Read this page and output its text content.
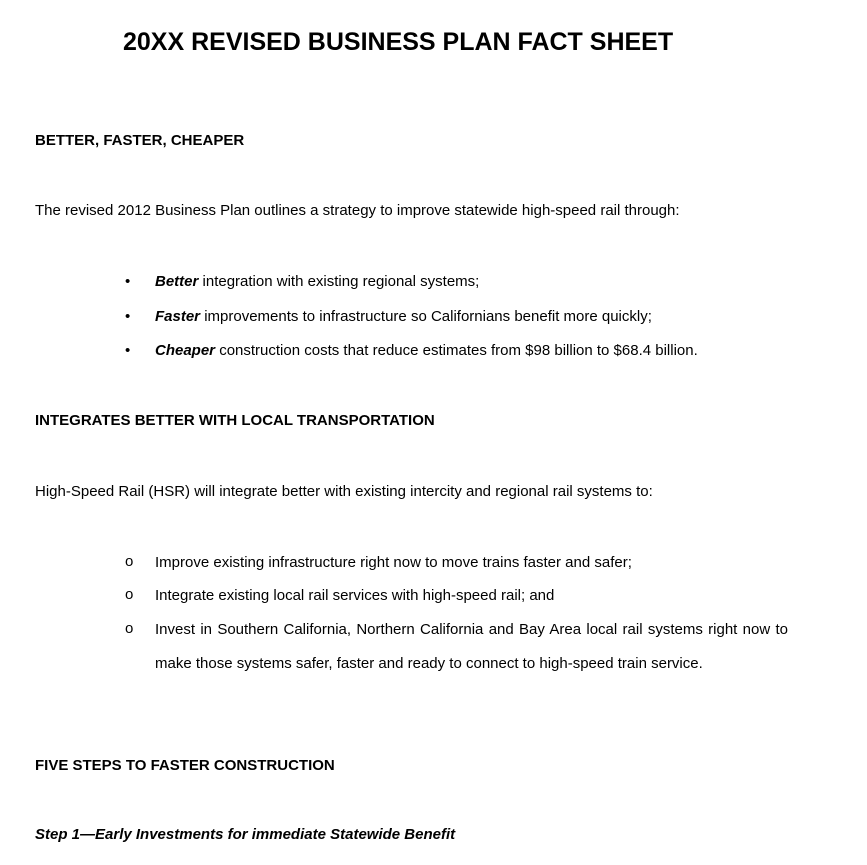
20XX REVISED BUSINESS PLAN FACT SHEET
BETTER, FASTER, CHEAPER
The revised 2012 Business Plan outlines a strategy to improve statewide high-speed rail through:
•	Better integration with existing regional systems;
•	Faster improvements to infrastructure so Californians benefit more quickly;
•	Cheaper construction costs that reduce estimates from $98 billion to $68.4 billion.
INTEGRATES BETTER WITH LOCAL TRANSPORTATION
High-Speed Rail (HSR) will integrate better with existing intercity and regional rail systems to:
o	Improve existing infrastructure right now to move trains faster and safer;
o	Integrate existing local rail services with high-speed rail; and
o	Invest in Southern California, Northern California and Bay Area local rail systems right now to make those systems safer, faster and ready to connect to high-speed train service.
FIVE STEPS TO FASTER CONSTRUCTION
Step 1—Early Investments for immediate Statewide Benefit
